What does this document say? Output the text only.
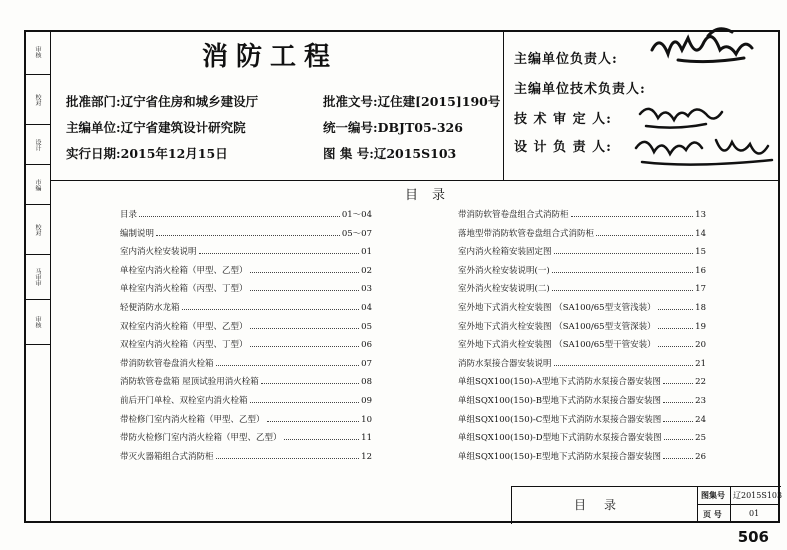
审核
校对
设计
市编
校对
马审审
审核
消防工程
批准部门:辽宁省住房和城乡建设厅
主编单位:辽宁省建筑设计研究院
实行日期:2015年12月15日
批准文号:辽住建[2015]190号
统一编号:DBJT05-326
图 集 号:辽2015S103
主编单位负责人:
主编单位技术负责人:
技 术 审 定 人:
设 计 负 责 人:
目录
目录	01～04
编制说明	05～07
室内消火栓安装说明	01
单栓室内消火栓箱（甲型、乙型）	02
单栓室内消火栓箱（丙型、丁型）	03
轻便消防水龙箱	04
双栓室内消火栓箱（甲型、乙型）	05
双栓室内消火栓箱（丙型、丁型）	06
带消防软管卷盘消火栓箱	07
消防软管卷盘箱 屋顶试验用消火栓箱	08
前后开门单栓、双栓室内消火栓箱	09
带检修门室内消火栓箱（甲型、乙型）	10
带防火检修门室内消火栓箱（甲型、乙型）	11
带灭火器箱组合式消防柜	12
带消防软管卷盘组合式消防柜	13
落地型带消防软管卷盘组合式消防柜	14
室内消火栓箱安装固定图	15
室外消火栓安装说明(一)	16
室外消火栓安装说明(二)	17
室外地下式消火栓安装图 （SA100/65型支管浅装）	18
室外地下式消火栓安装图 （SA100/65型支管深装）	19
室外地下式消火栓安装图 （SA100/65型干管安装）	20
消防水泵接合器安装说明	21
单组SQX100(150)-A型地下式消防水泵接合器安装图	22
单组SQX100(150)-B型地下式消防水泵接合器安装图	23
单组SQX100(150)-C型地下式消防水泵接合器安装图	24
单组SQX100(150)-D型地下式消防水泵接合器安装图	25
单组SQX100(150)-E型地下式消防水泵接合器安装图	26
目录
图集号 辽2015S103
页 号	01
506
